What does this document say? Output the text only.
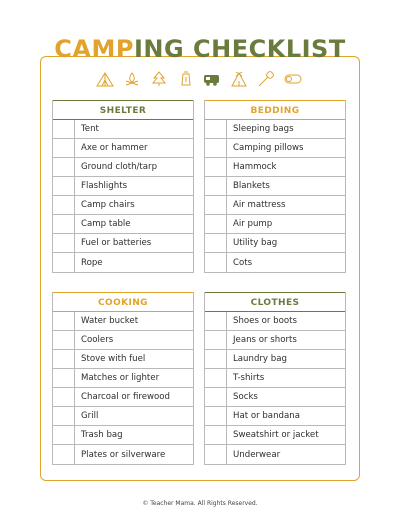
CAMPING CHECKLIST
SHELTER
Tent
Axe or hammer
Ground cloth/tarp
Flashlights
Camp chairs
Camp table
Fuel or batteries
Rope
BEDDING
Sleeping bags
Camping pillows
Hammock
Blankets
Air mattress
Air pump
Utility bag
Cots
COOKING
Water bucket
Coolers
Stove with fuel
Matches or lighter
Charcoal or firewood
Grill
Trash bag
Plates or silverware
CLOTHES
Shoes or boots
Jeans or shorts
Laundry bag
T-shirts
Socks
Hat or bandana
Sweatshirt or jacket
Underwear
© Teacher Mama. All Rights Reserved.
